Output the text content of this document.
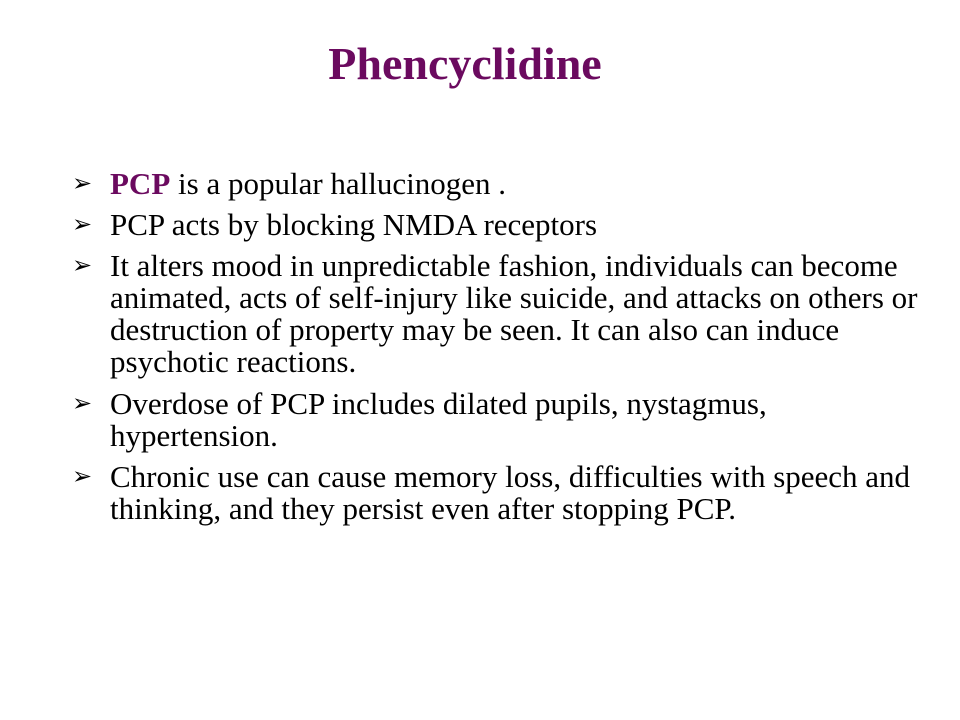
Phencyclidine
➢ PCP is a popular hallucinogen .
➢ PCP acts by blocking NMDA receptors
➢ It alters mood in unpredictable fashion, individuals can become animated, acts of self-injury like suicide, and attacks on others or destruction of property may be seen. It can also can induce psychotic reactions.
➢ Overdose of PCP includes dilated pupils, nystagmus, hypertension.
➢ Chronic use can cause memory loss, difficulties with speech and thinking, and they persist even after stopping PCP.
